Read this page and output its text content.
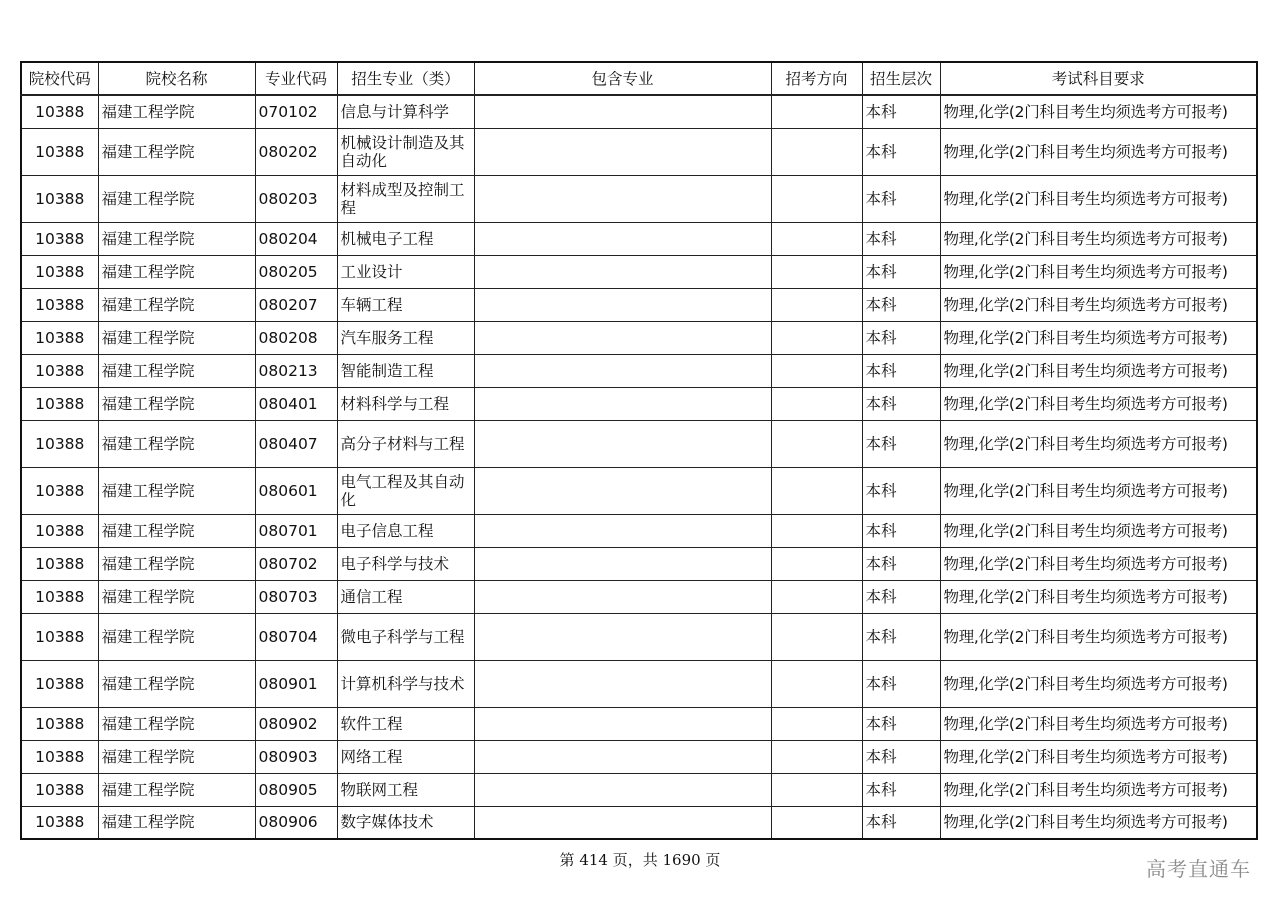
院校代码	院校名称	专业代码	招生专业（类）	包含专业	招考方向	招生层次	考试科目要求
10388	福建工程学院	070102	信息与计算科学			本科	物理,化学(2门科目考生均须选考方可报考)
10388	福建工程学院	080202	机械设计制造及其自动化			本科	物理,化学(2门科目考生均须选考方可报考)
10388	福建工程学院	080203	材料成型及控制工程			本科	物理,化学(2门科目考生均须选考方可报考)
10388	福建工程学院	080204	机械电子工程			本科	物理,化学(2门科目考生均须选考方可报考)
10388	福建工程学院	080205	工业设计			本科	物理,化学(2门科目考生均须选考方可报考)
10388	福建工程学院	080207	车辆工程			本科	物理,化学(2门科目考生均须选考方可报考)
10388	福建工程学院	080208	汽车服务工程			本科	物理,化学(2门科目考生均须选考方可报考)
10388	福建工程学院	080213	智能制造工程			本科	物理,化学(2门科目考生均须选考方可报考)
10388	福建工程学院	080401	材料科学与工程			本科	物理,化学(2门科目考生均须选考方可报考)
10388	福建工程学院	080407	高分子材料与工程			本科	物理,化学(2门科目考生均须选考方可报考)
10388	福建工程学院	080601	电气工程及其自动化			本科	物理,化学(2门科目考生均须选考方可报考)
10388	福建工程学院	080701	电子信息工程			本科	物理,化学(2门科目考生均须选考方可报考)
10388	福建工程学院	080702	电子科学与技术			本科	物理,化学(2门科目考生均须选考方可报考)
10388	福建工程学院	080703	通信工程			本科	物理,化学(2门科目考生均须选考方可报考)
10388	福建工程学院	080704	微电子科学与工程			本科	物理,化学(2门科目考生均须选考方可报考)
10388	福建工程学院	080901	计算机科学与技术			本科	物理,化学(2门科目考生均须选考方可报考)
10388	福建工程学院	080902	软件工程			本科	物理,化学(2门科目考生均须选考方可报考)
10388	福建工程学院	080903	网络工程			本科	物理,化学(2门科目考生均须选考方可报考)
10388	福建工程学院	080905	物联网工程			本科	物理,化学(2门科目考生均须选考方可报考)
10388	福建工程学院	080906	数字媒体技术			本科	物理,化学(2门科目考生均须选考方可报考)
第 414 页，共 1690 页	高考直通车
